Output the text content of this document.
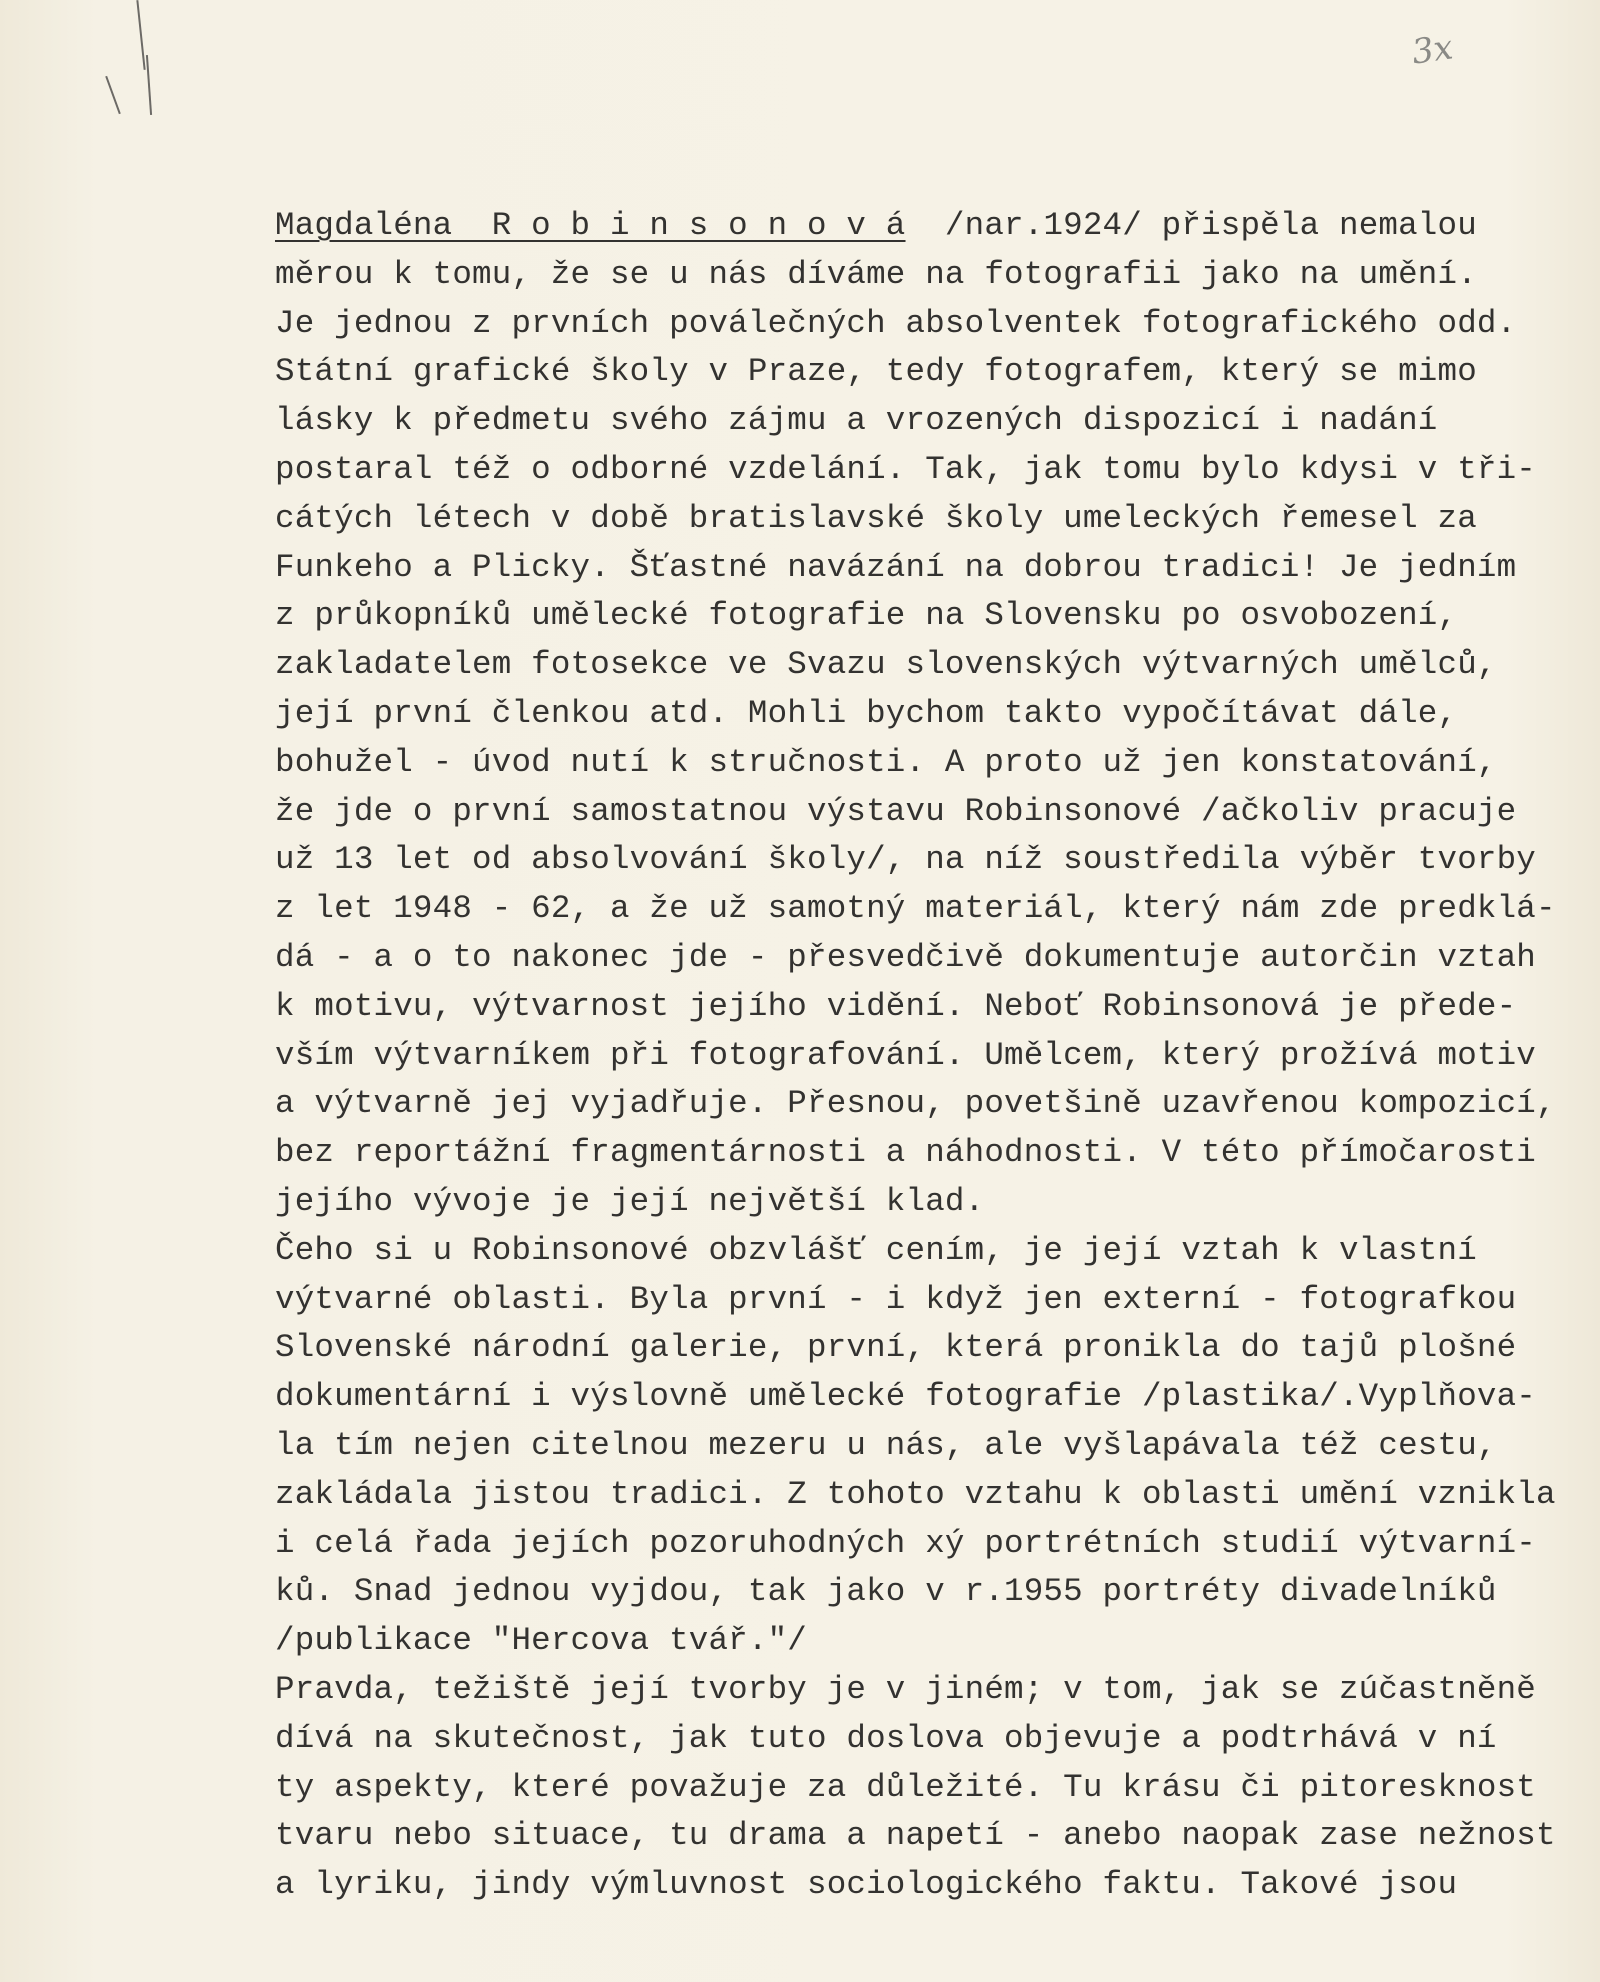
3x
Magdaléna  R o b i n s o n o v á  /nar.1924/ přispěla nemalou
měrou k tomu, že se u nás díváme na fotografii jako na umění.
Je jednou z prvních poválečných absolventek fotografického odd.
Státní grafické školy v Praze, tedy fotografem, který se mimo
lásky k předmetu svého zájmu a vrozených dispozicí i nadání
postaral též o odborné vzdelání. Tak, jak tomu bylo kdysi v tři-
cátých létech v době bratislavské školy umeleckých řemesel za
Funkeho a Plicky. Šťastné navázání na dobrou tradici! Je jedním
z průkopníků umělecké fotografie na Slovensku po osvobození,
zakladatelem fotosekce ve Svazu slovenských výtvarných umělců,
její první členkou atd. Mohli bychom takto vypočítávat dále,
bohužel - úvod nutí k stručnosti. A proto už jen konstatování,
že jde o první samostatnou výstavu Robinsonové /ačkoliv pracuje
už 13 let od absolvování školy/, na níž soustředila výběr tvorby
z let 1948 - 62, a že už samotný materiál, který nám zde predklá-
dá - a o to nakonec jde - přesvedčivě dokumentuje autorčin vztah
k motivu, výtvarnost jejího vidění. Neboť Robinsonová je přede-
vším výtvarníkem při fotografování. Umělcem, který prožívá motiv
a výtvarně jej vyjadřuje. Přesnou, povetšině uzavřenou kompozicí,
bez reportážní fragmentárnosti a náhodnosti. V této přímočarosti
jejího vývoje je její největší klad.
Čeho si u Robinsonové obzvlášť cením, je její vztah k vlastní
výtvarné oblasti. Byla první - i když jen externí - fotografkou
Slovenské národní galerie, první, která pronikla do tajů plošné
dokumentární i výslovně umělecké fotografie /plastika/.Vyplňova-
la tím nejen citelnou mezeru u nás, ale vyšlapávala též cestu,
zakládala jistou tradici. Z tohoto vztahu k oblasti umění vznikla
i celá řada jejích pozoruhodných xý portrétních studií výtvarní-
ků. Snad jednou vyjdou, tak jako v r.1955 portréty divadelníků
/publikace "Hercova tvář."/
Pravda, težiště její tvorby je v jiném; v tom, jak se zúčastněně
dívá na skutečnost, jak tuto doslova objevuje a podtrhává v ní
ty aspekty, které považuje za důležité. Tu krásu či pitoresknost
tvaru nebo situace, tu drama a napetí - anebo naopak zase nežnost
a lyriku, jindy výmluvnost sociologického faktu. Takové jsou
